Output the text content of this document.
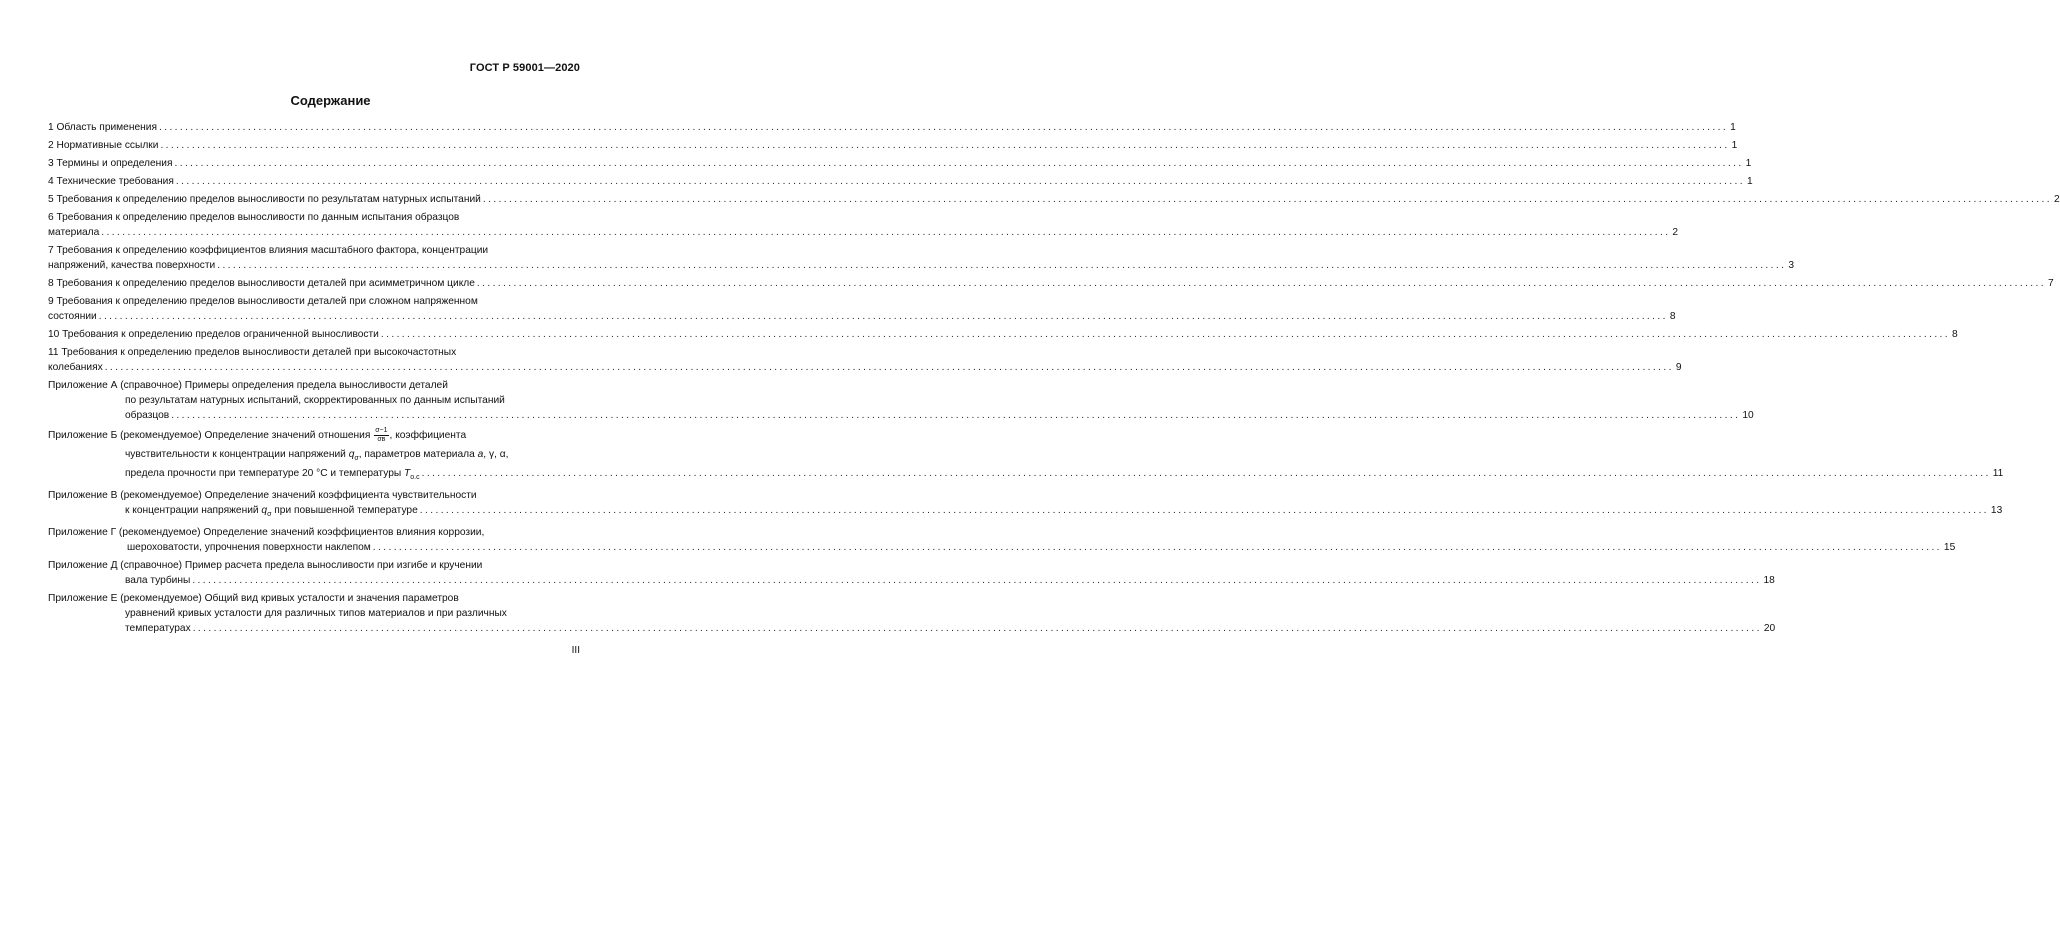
ГОСТ Р 59001—2020
Содержание
1 Область применения ............................................................................................................................................................................................................................................................................................................ 1
2 Нормативные ссылки ............................................................................................................................................................................................................................................................................................................ 1
3 Термины и определения ............................................................................................................................................................................................................................................................................................................ 1
4 Технические требования ............................................................................................................................................................................................................................................................................................................ 1
5 Требования к определению пределов выносливости по результатам натурных испытаний ............................................................................................................................................................................................................................................................................................................ 2
6 Требования к определению пределов выносливости по данным испытания образцов
материала ............................................................................................................................................................................................................................................................................................................ 2
7 Требования к определению коэффициентов влияния масштабного фактора, концентрации
напряжений, качества поверхности ............................................................................................................................................................................................................................................................................................................ 3
8 Требования к определению пределов выносливости деталей при асимметричном цикле ............................................................................................................................................................................................................................................................................................................ 7
9 Требования к определению пределов выносливости деталей при сложном напряженном
состоянии ............................................................................................................................................................................................................................................................................................................ 8
10 Требования к определению пределов ограниченной выносливости ............................................................................................................................................................................................................................................................................................................ 8
11 Требования к определению пределов выносливости деталей при высокочастотных
колебаниях ............................................................................................................................................................................................................................................................................................................ 9
Приложение А (справочное) Примеры определения предела выносливости деталей
по результатам натурных испытаний, скорректированных по данным испытаний
образцов ............................................................................................................................................................................................................................................................................................................ 10
Приложение Б (рекомендуемое) Определение значений отношения
$\frac{\sigma-1}{\sigma в}$ , коэффициента
чувствительности к концентрации напряжений $q_\sigma$, параметров материала a, γ, α,
предела прочности при температуре 20 °С и температуры $T_{о.с}$ ............................................................................................................................................................................................................................................................................................................ 11
Приложение В (рекомендуемое) Определение значений коэффициента чувствительности
к концентрации напряжений $q_\sigma$ при повышенной температуре ............................................................................................................................................................................................................................................................................................................ 13
Приложение Г (рекомендуемое) Определение значений коэффициентов влияния коррозии,
шероховатости, упрочнения поверхности наклепом ............................................................................................................................................................................................................................................................................................................ 15
Приложение Д (справочное) Пример расчета предела выносливости при изгибе и кручении
вала турбины ............................................................................................................................................................................................................................................................................................................ 18
Приложение Е (рекомендуемое) Общий вид кривых усталости и значения параметров
уравнений кривых усталости для различных типов материалов и при различных
температурах ............................................................................................................................................................................................................................................................................................................ 20
III
